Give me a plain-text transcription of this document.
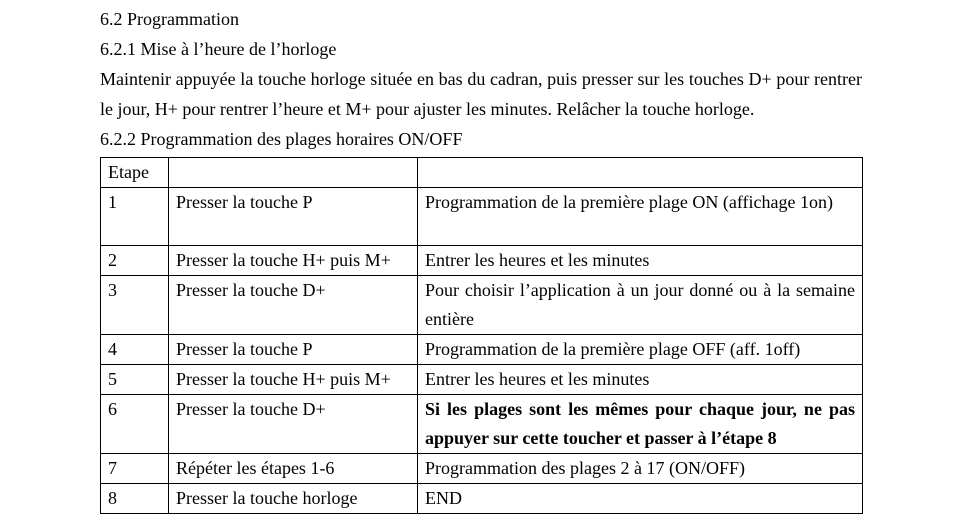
6.2 Programmation

6.2.1 Mise à l’heure de l’horloge

Maintenir appuyée la touche horloge située en bas du cadran, puis presser sur les touches D+ pour rentrer le jour, H+ pour rentrer l’heure et M+ pour ajuster les minutes. Relâcher la touche horloge.

6.2.2 Programmation des plages horaires ON/OFF

Etape		
1	Presser la touche P	Programmation de la première plage ON (affichage 1on)
2	Presser la touche H+ puis M+	Entrer les heures et les minutes
3	Presser la touche D+	Pour choisir l’application à un jour donné ou à la semaine entière
4	Presser la touche P	Programmation de la première plage OFF (aff. 1off)
5	Presser la touche H+ puis M+	Entrer les heures et les minutes
6	Presser la touche D+	Si les plages sont les mêmes pour chaque jour, ne pas appuyer sur cette toucher et passer à l’étape 8
7	Répéter les étapes 1-6	Programmation des plages 2 à 17 (ON/OFF)
8	Presser la touche horloge	END
